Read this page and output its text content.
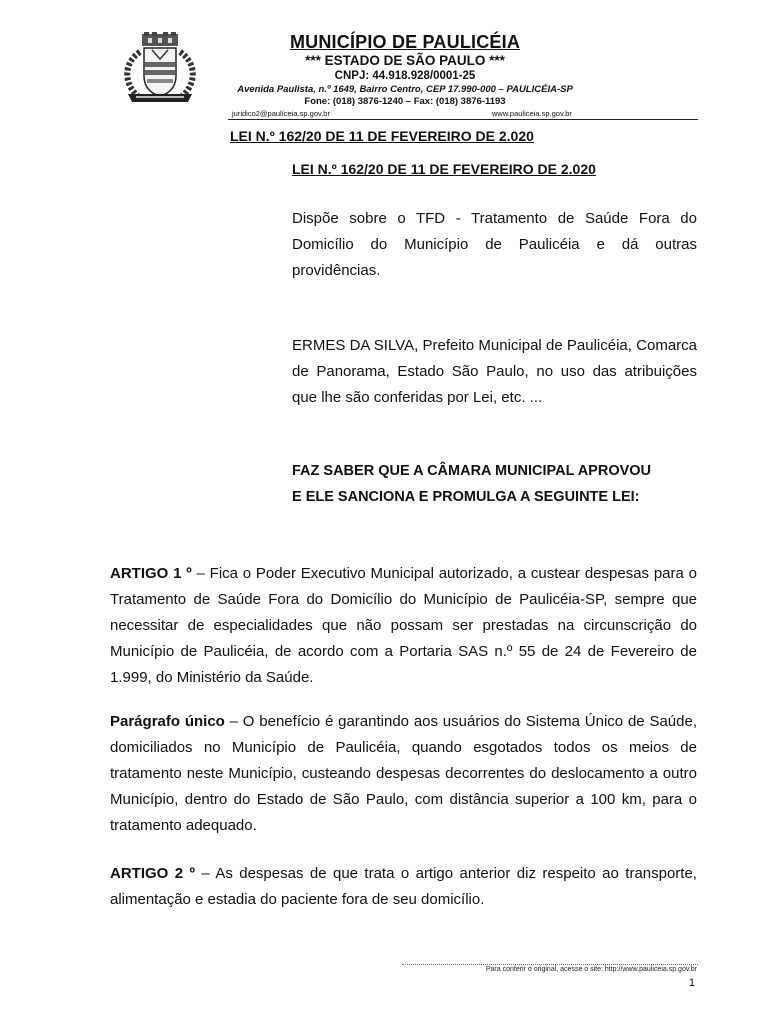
MUNICÍPIO DE PAULICÉIA
*** ESTADO DE SÃO PAULO ***
CNPJ: 44.918.928/0001-25
Avenida Paulista, n.º 1649, Bairro Centro, CEP 17.990-000 – PAULICÉIA-SP
Fone: (018) 3876-1240 – Fax: (018) 3876-1193
juridico2@paulíceia.sp.gov.br	www.pauliceia.sp.gov.br
LEI N.º 162/20 DE 11 DE FEVEREIRO DE 2.020
LEI N.º 162/20 DE 11 DE FEVEREIRO DE 2.020
Dispõe sobre o TFD - Tratamento de Saúde Fora do Domicílio do Município de Paulicéia e dá outras providências.
ERMES DA SILVA, Prefeito Municipal de Paulicéia, Comarca de Panorama, Estado São Paulo, no uso das atribuições que lhe são conferidas por Lei, etc. ...
FAZ SABER QUE A CÂMARA MUNICIPAL APROVOU
E ELE SANCIONA E PROMULGA A SEGUINTE LEI:
ARTIGO 1 º – Fica o Poder Executivo Municipal autorizado, a custear despesas para o Tratamento de Saúde Fora do Domicílio do Município de Paulicéia-SP, sempre que necessitar de especialidades que não possam ser prestadas na circunscrição do Município de Paulicéia, de acordo com a Portaria SAS n.º 55 de 24 de Fevereiro de 1.999, do Ministério da Saúde.
Parágrafo único – O benefício é garantindo aos usuários do Sistema Único de Saúde, domiciliados no Município de Paulicéia, quando esgotados todos os meios de tratamento neste Município, custeando despesas decorrentes do deslocamento a outro Município, dentro do Estado de São Paulo, com distância superior a 100 km, para o tratamento adequado.
ARTIGO 2 º – As despesas de que trata o artigo anterior diz respeito ao transporte, alimentação e estadia do paciente fora de seu domicílio.
Para conferir o original, acesse o site: http://www.pauliceia.sp.gov.br
1
